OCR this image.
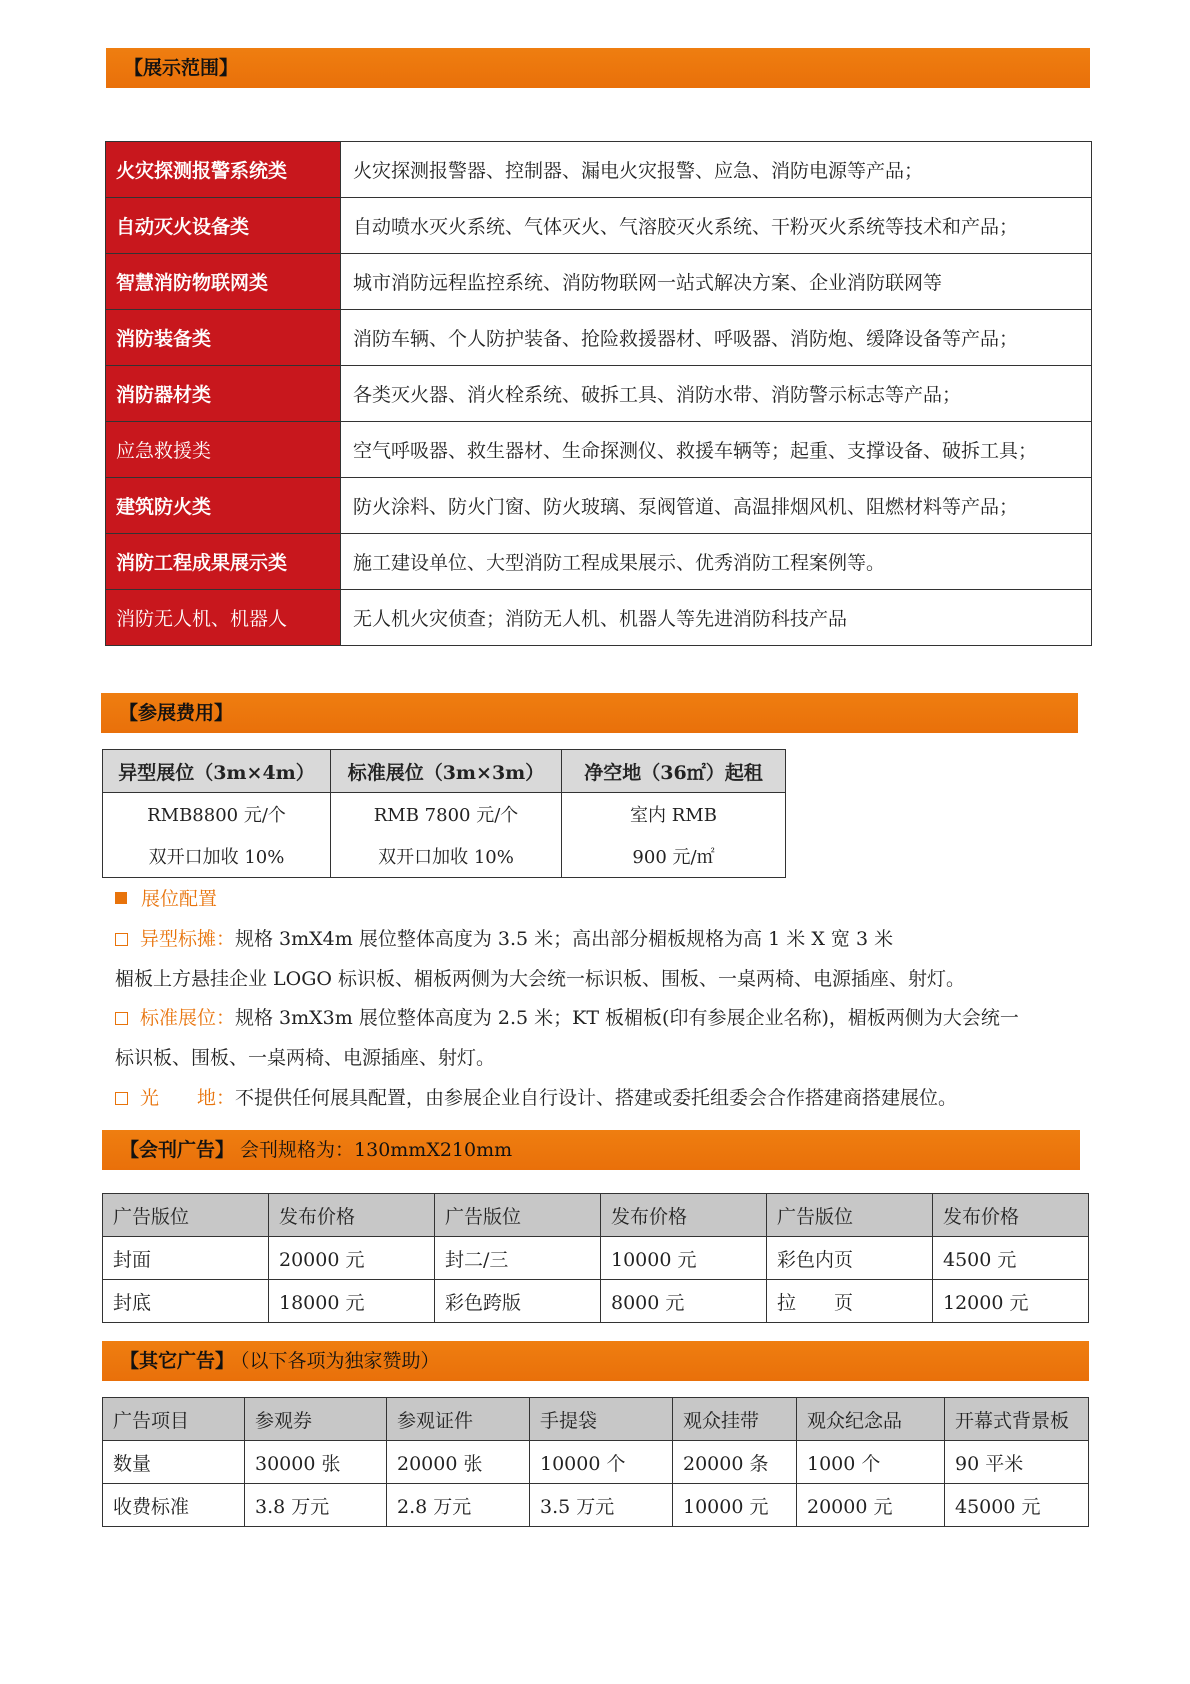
【展示范围】
火灾探测报警系统类	火灾探测报警器、控制器、漏电火灾报警、应急、消防电源等产品；
自动灭火设备类	自动喷水灭火系统、气体灭火、气溶胶灭火系统、干粉灭火系统等技术和产品；
智慧消防物联网类	城市消防远程监控系统、消防物联网一站式解决方案、企业消防联网等
消防装备类	消防车辆、个人防护装备、抢险救援器材、呼吸器、消防炮、缓降设备等产品；
消防器材类	各类灭火器、消火栓系统、破拆工具、消防水带、消防警示标志等产品；
应急救援类	空气呼吸器、救生器材、生命探测仪、救援车辆等；起重、支撑设备、破拆工具；
建筑防火类	防火涂料、防火门窗、防火玻璃、泵阀管道、高温排烟风机、阻燃材料等产品；
消防工程成果展示类	施工建设单位、大型消防工程成果展示、优秀消防工程案例等。
消防无人机、机器人	无人机火灾侦查；消防无人机、机器人等先进消防科技产品
【参展费用】
异型展位（3m×4m）	标准展位（3m×3m）	净空地（36㎡）起租
RMB8800 元/个	RMB 7800 元/个	室内 RMB
双开口加收 10%	双开口加收 10%	900 元/㎡
展位配置
异型标摊：规格 3mX4m 展位整体高度为 3.5 米；高出部分楣板规格为高 1 米 X 宽 3 米
楣板上方悬挂企业 LOGO 标识板、楣板两侧为大会统一标识板、围板、一桌两椅、电源插座、射灯。
标准展位：规格 3mX3m 展位整体高度为 2.5 米；KT 板楣板(印有参展企业名称)，楣板两侧为大会统一
标识板、围板、一桌两椅、电源插座、射灯。
光　　地：不提供任何展具配置，由参展企业自行设计、搭建或委托组委会合作搭建商搭建展位。
【会刊广告】 会刊规格为：130mmX210mm
广告版位	发布价格	广告版位	发布价格	广告版位	发布价格
封面	20000 元	封二/三	10000 元	彩色内页	4500 元
封底	18000 元	彩色跨版	8000 元	拉　　页	12000 元
【其它广告】 （以下各项为独家赞助）
广告项目	参观券	参观证件	手提袋	观众挂带	观众纪念品	开幕式背景板
数量	30000 张	20000 张	10000 个	20000 条	1000 个	90 平米
收费标准	3.8 万元	2.8 万元	3.5 万元	10000 元	20000 元	45000 元
